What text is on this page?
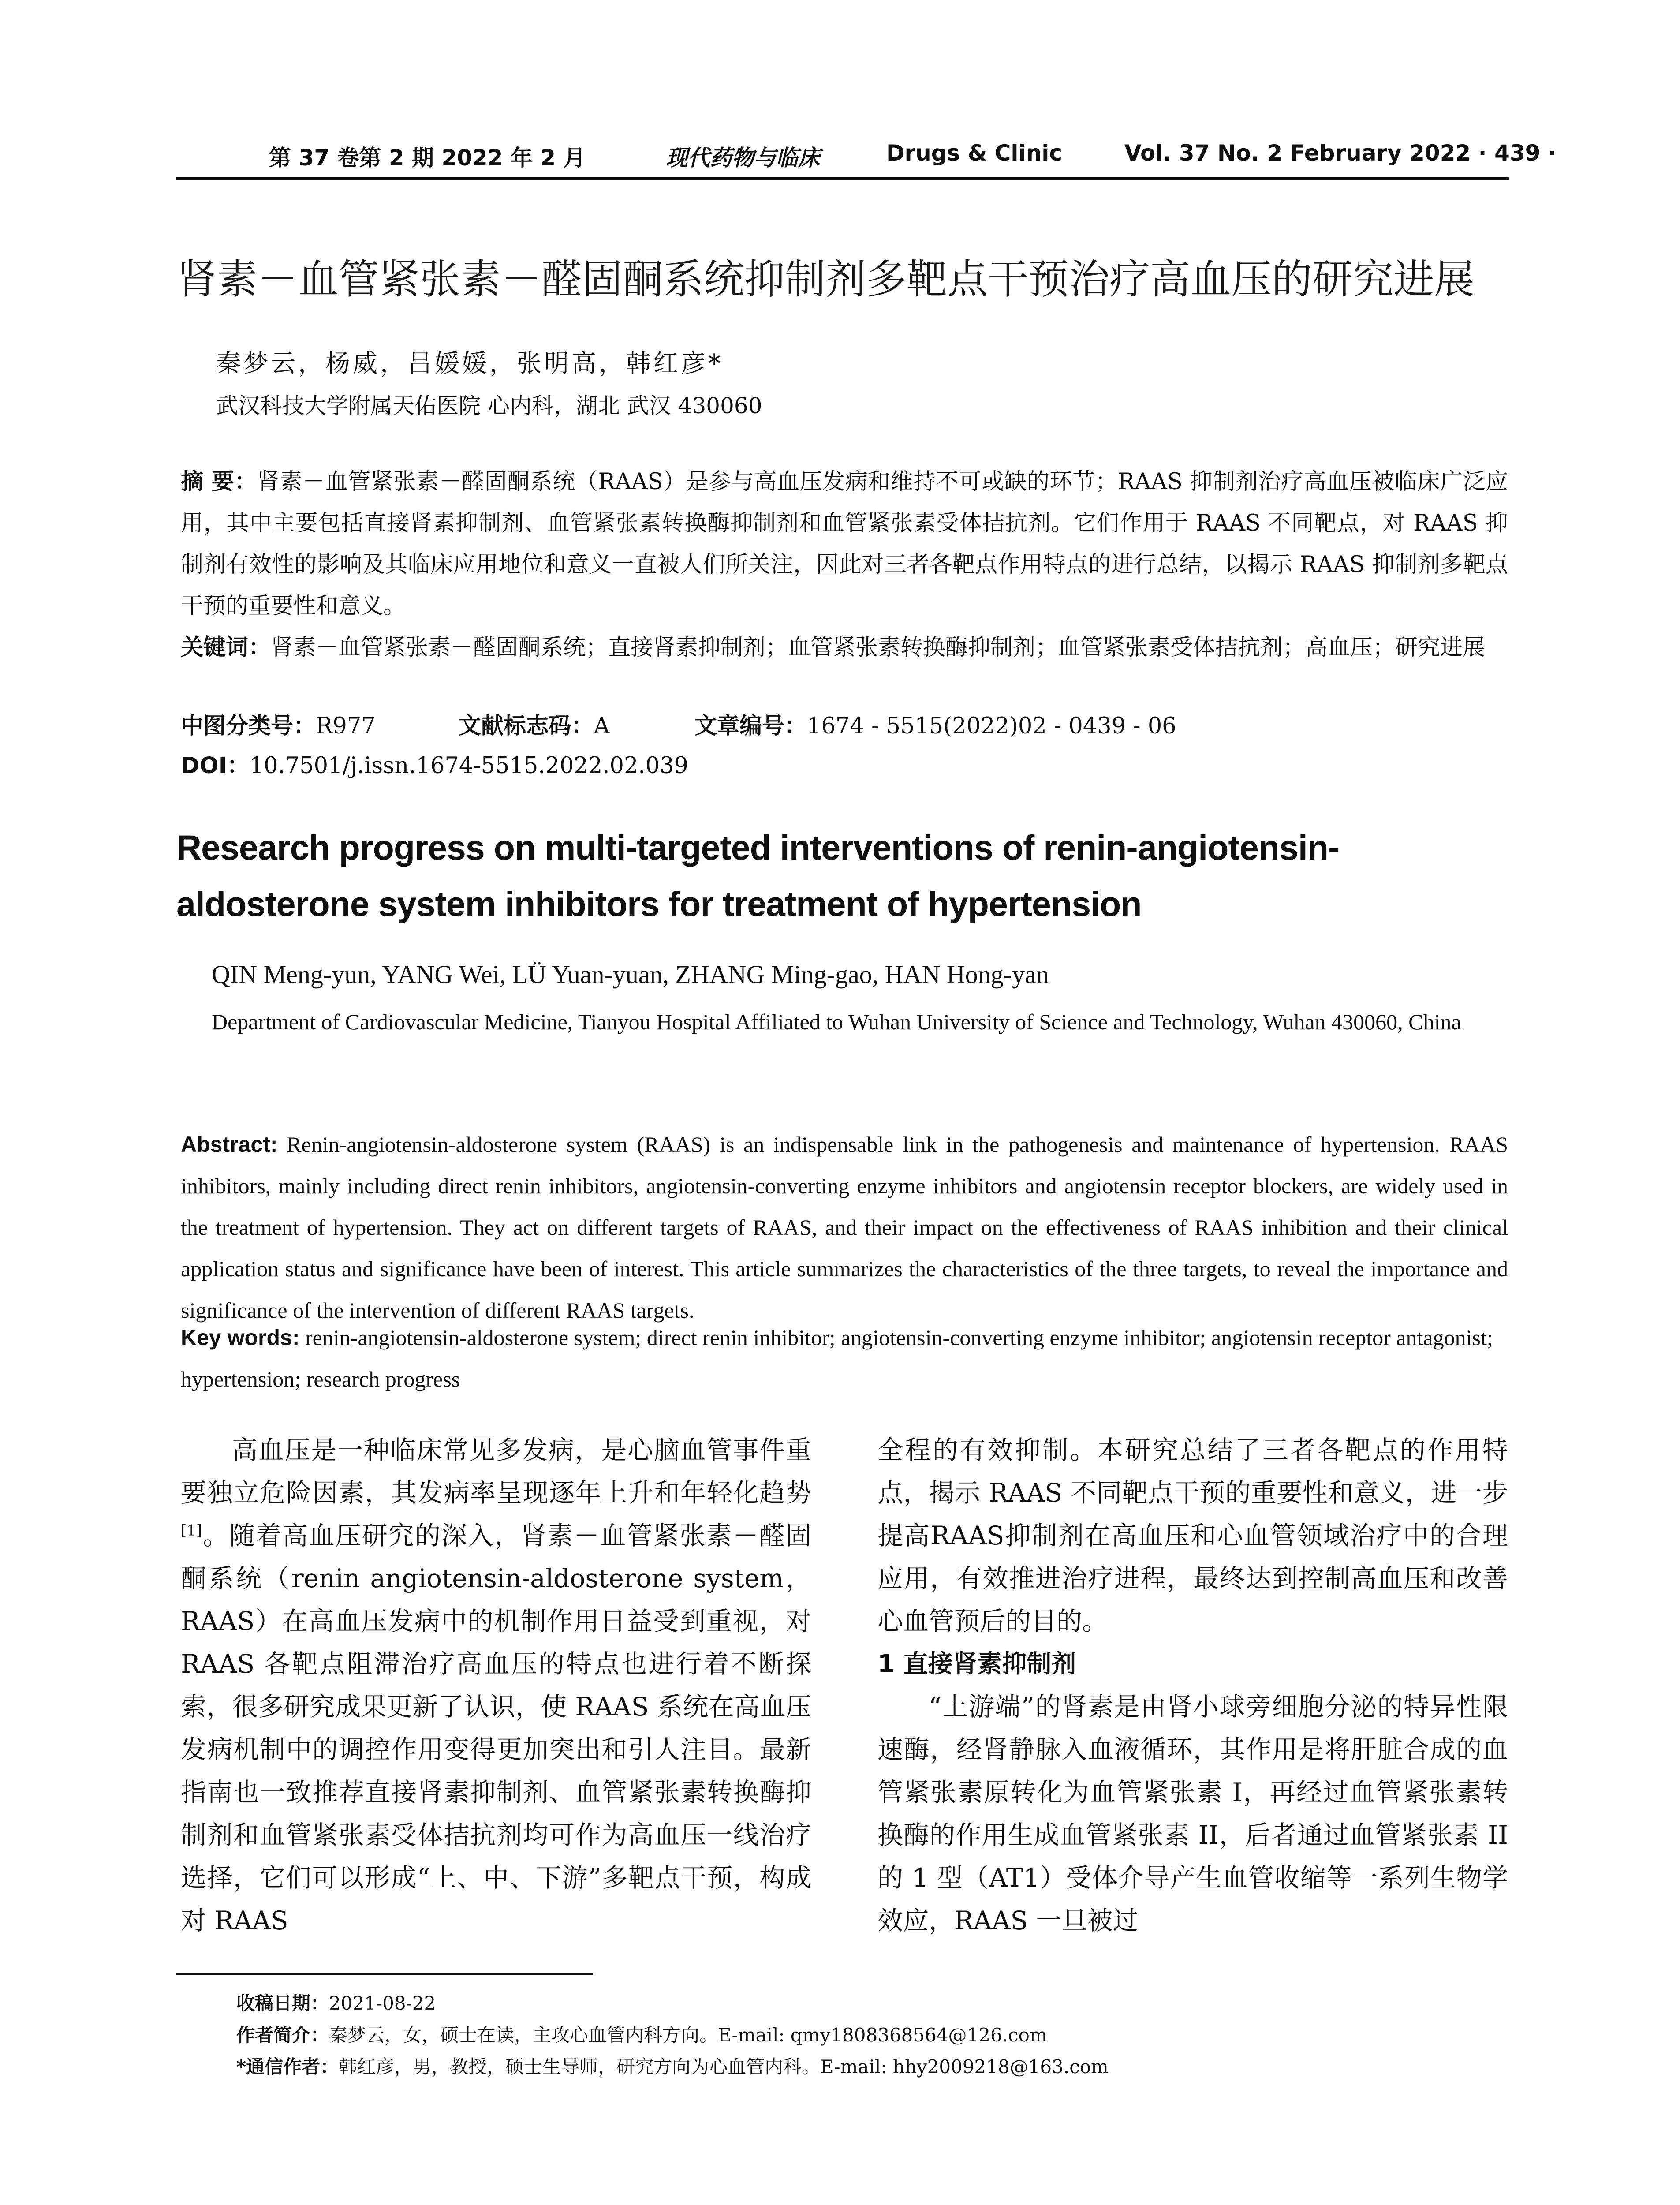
第 37 卷第 2 期 2022 年 2 月	现代药物与临床	Drugs & Clinic	Vol. 37 No. 2 February 2022 · 439 ·
肾素－血管紧张素－醛固酮系统抑制剂多靶点干预治疗高血压的研究进展
秦梦云，杨威，吕媛媛，张明高，韩红彦*
武汉科技大学附属天佑医院 心内科，湖北 武汉 430060
摘 要：肾素－血管紧张素－醛固酮系统（RAAS）是参与高血压发病和维持不可或缺的环节；RAAS 抑制剂治疗高血压被临床广泛应用，其中主要包括直接肾素抑制剂、血管紧张素转换酶抑制剂和血管紧张素受体拮抗剂。它们作用于 RAAS 不同靶点，对 RAAS 抑制剂有效性的影响及其临床应用地位和意义一直被人们所关注，因此对三者各靶点作用特点的进行总结，以揭示 RAAS 抑制剂多靶点干预的重要性和意义。
关键词：肾素－血管紧张素－醛固酮系统；直接肾素抑制剂；血管紧张素转换酶抑制剂；血管紧张素受体拮抗剂；高血压；研究进展
中图分类号：R977	文献标志码：A	文章编号：1674 - 5515(2022)02 - 0439 - 06
DOI：10.7501/j.issn.1674-5515.2022.02.039
Research progress on multi-targeted interventions of renin-angiotensin-aldosterone system inhibitors for treatment of hypertension
QIN Meng-yun, YANG Wei, LÜ Yuan-yuan, ZHANG Ming-gao, HAN Hong-yan
Department of Cardiovascular Medicine, Tianyou Hospital Affiliated to Wuhan University of Science and Technology, Wuhan 430060, China
Abstract: Renin-angiotensin-aldosterone system (RAAS) is an indispensable link in the pathogenesis and maintenance of hypertension. RAAS inhibitors, mainly including direct renin inhibitors, angiotensin-converting enzyme inhibitors and angiotensin receptor blockers, are widely used in the treatment of hypertension. They act on different targets of RAAS, and their impact on the effectiveness of RAAS inhibition and their clinical application status and significance have been of interest. This article summarizes the characteristics of the three targets, to reveal the importance and significance of the intervention of different RAAS targets.
Key words: renin-angiotensin-aldosterone system; direct renin inhibitor; angiotensin-converting enzyme inhibitor; angiotensin receptor antagonist; hypertension; research progress

高血压是一种临床常见多发病，是心脑血管事件重要独立危险因素，其发病率呈现逐年上升和年轻化趋势[1]。随着高血压研究的深入，肾素－血管紧张素－醛固酮系统（renin angiotensin-aldosterone system，RAAS）在高血压发病中的机制作用日益受到重视，对 RAAS 各靶点阻滞治疗高血压的特点也进行着不断探索，很多研究成果更新了认识，使 RAAS 系统在高血压发病机制中的调控作用变得更加突出和引人注目。最新指南也一致推荐直接肾素抑制剂、血管紧张素转换酶抑制剂和血管紧张素受体拮抗剂均可作为高血压一线治疗选择，它们可以形成“上、中、下游”多靶点干预，构成对 RAAS

全程的有效抑制。本研究总结了三者各靶点的作用特点，揭示 RAAS 不同靶点干预的重要性和意义，进一步提高RAAS抑制剂在高血压和心血管领域治疗中的合理应用，有效推进治疗进程，最终达到控制高血压和改善心血管预后的目的。

1 直接肾素抑制剂

“上游端”的肾素是由肾小球旁细胞分泌的特异性限速酶，经肾静脉入血液循环，其作用是将肝脏合成的血管紧张素原转化为血管紧张素 I，再经过血管紧张素转换酶的作用生成血管紧张素 II，后者通过血管紧张素 II 的 1 型（AT1）受体介导产生血管收缩等一系列生物学效应，RAAS 一旦被过

收稿日期：2021-08-22
作者简介：秦梦云，女，硕士在读，主攻心血管内科方向。E-mail: qmy1808368564@126.com
*通信作者：韩红彦，男，教授，硕士生导师，研究方向为心血管内科。E-mail: hhy2009218@163.com
